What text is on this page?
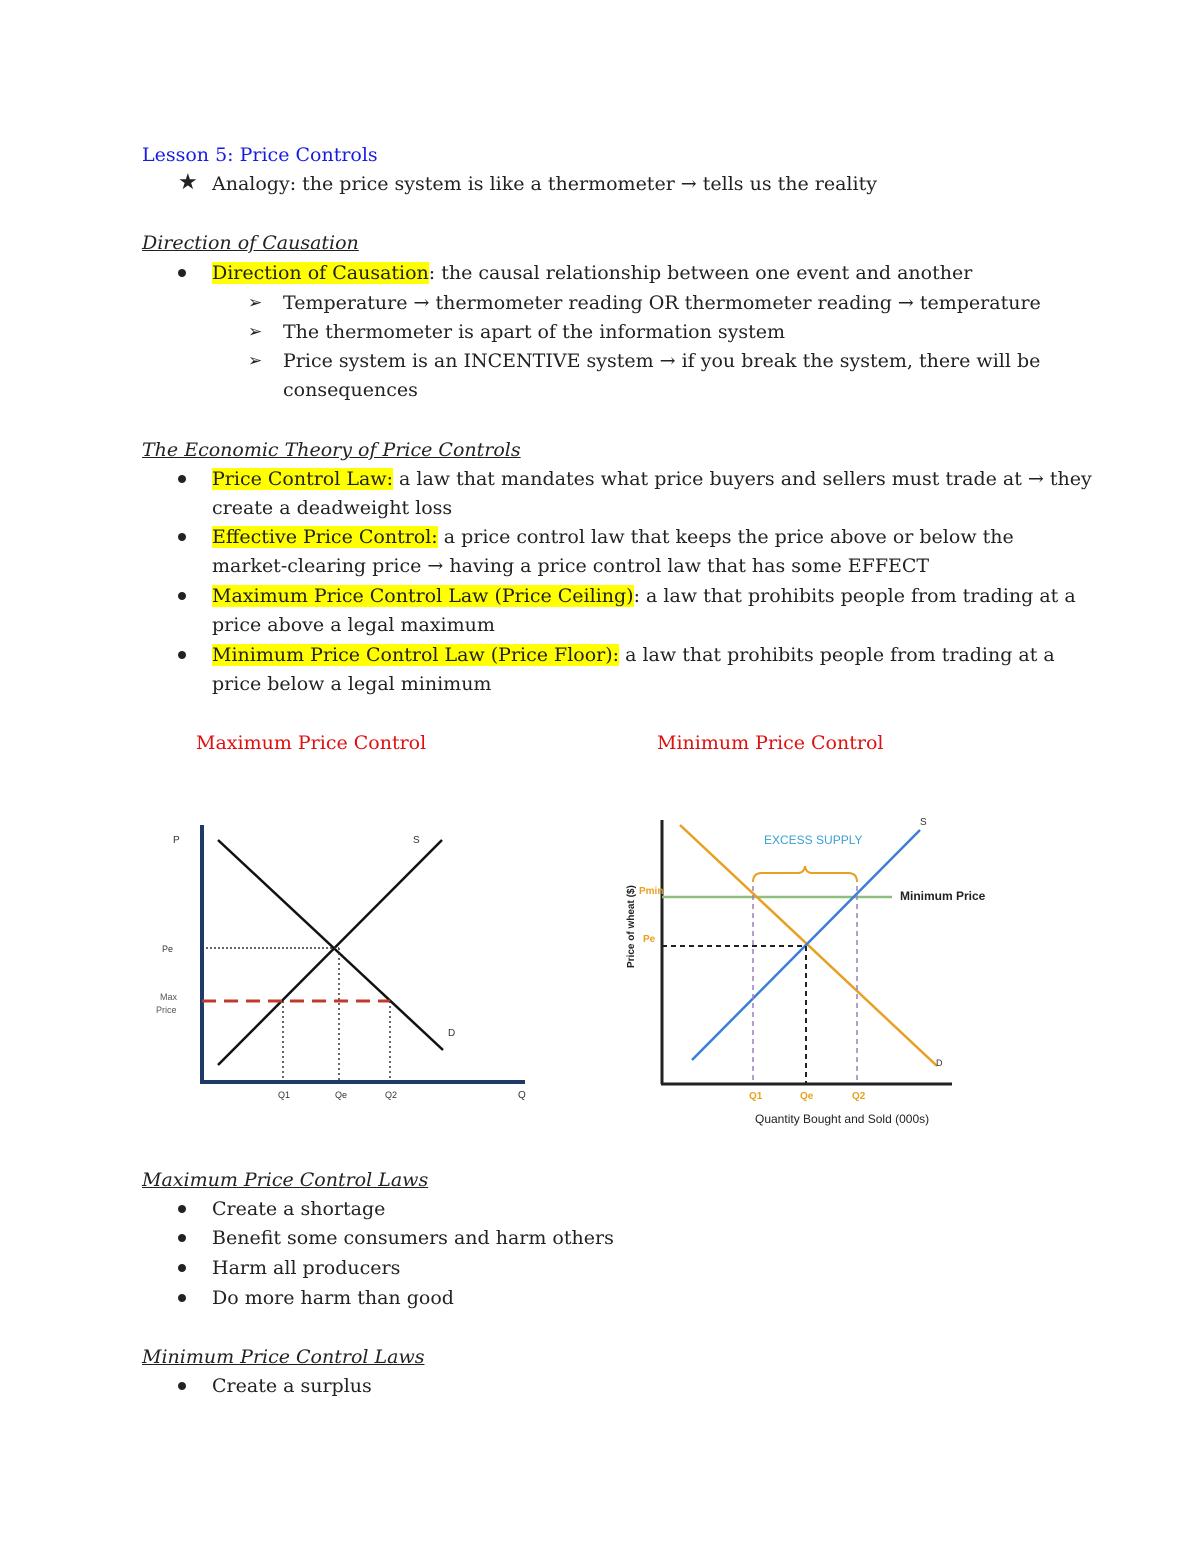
Lesson 5: Price Controls
★ Analogy: the price system is like a thermometer → tells us the reality
Direction of Causation
Direction of Causation: the causal relationship between one event and another
➢ Temperature → thermometer reading OR thermometer reading → temperature
➢ The thermometer is apart of the information system
➢ Price system is an INCENTIVE system → if you break the system, there will be
consequences
The Economic Theory of Price Controls
Price Control Law: a law that mandates what price buyers and sellers must trade at → they
create a deadweight loss
Effective Price Control: a price control law that keeps the price above or below the
market-clearing price → having a price control law that has some EFFECT
Maximum Price Control Law (Price Ceiling): a law that prohibits people from trading at a
price above a legal maximum
Minimum Price Control Law (Price Floor): a law that prohibits people from trading at a
price below a legal minimum
Maximum Price Control	Minimum Price Control
P	S
D
Pe
Max
Price
Q1	Qe	Q2	Q
EXCESS SUPPLY
S
D
Minimum Price
Pmin
Pe
Q1	Qe	Q2
Quantity Bought and Sold (000s)
Price of wheat ($)
Maximum Price Control Laws
Create a shortage
Benefit some consumers and harm others
Harm all producers
Do more harm than good
Minimum Price Control Laws
Create a surplus
